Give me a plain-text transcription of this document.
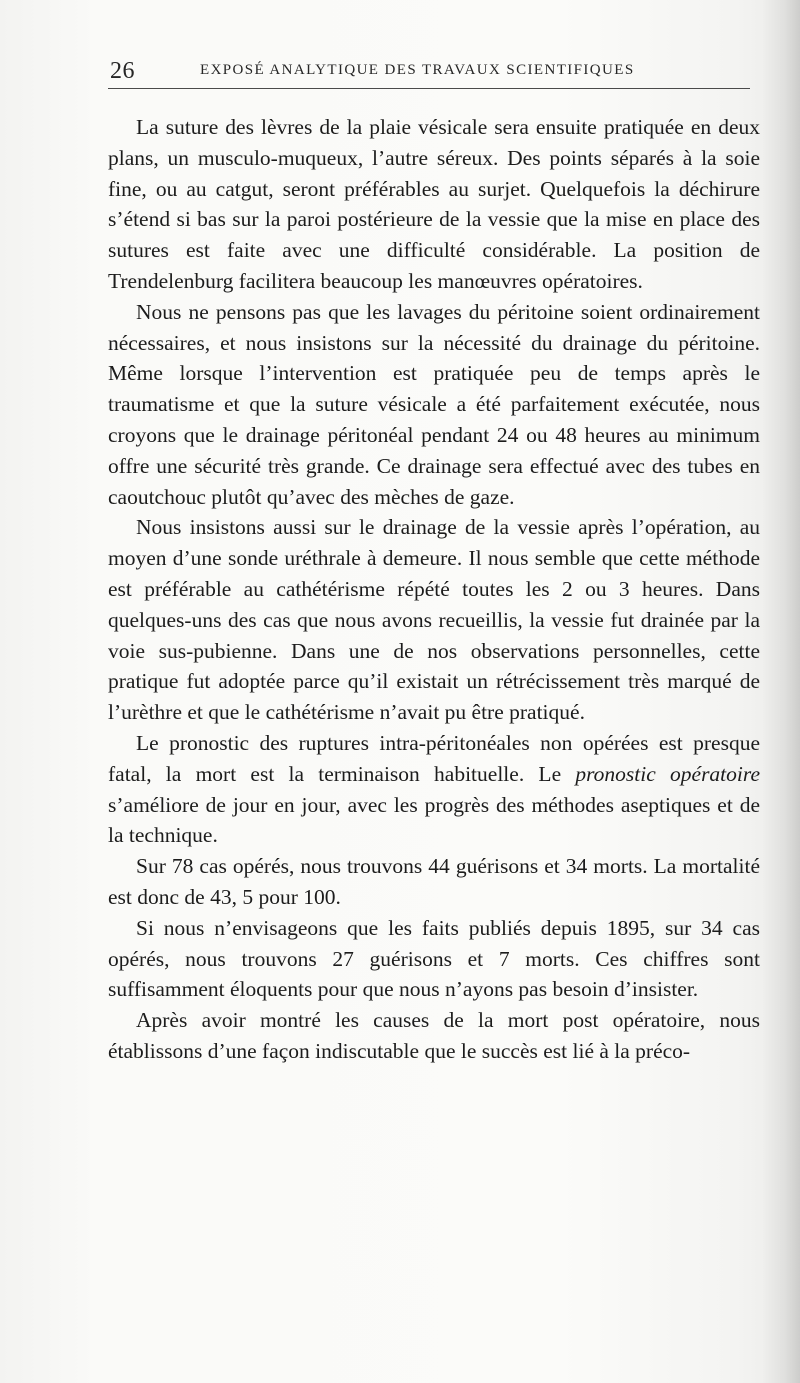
26	EXPOSÉ ANALYTIQUE DES TRAVAUX SCIENTIFIQUES

La suture des lèvres de la plaie vésicale sera ensuite pratiquée en deux plans, un musculo-muqueux, l’autre séreux. Des points séparés à la soie fine, ou au catgut, seront préférables au surjet. Quelquefois la déchirure s’étend si bas sur la paroi postérieure de la vessie que la mise en place des sutures est faite avec une difficulté considérable. La position de Trendelenburg facilitera beaucoup les manœuvres opératoires.

Nous ne pensons pas que les lavages du péritoine soient ordinairement nécessaires, et nous insistons sur la nécessité du drainage du péritoine. Même lorsque l’intervention est pratiquée peu de temps après le traumatisme et que la suture vésicale a été parfaitement exécutée, nous croyons que le drainage péritonéal pendant 24 ou 48 heures au minimum offre une sécurité très grande. Ce drainage sera effectué avec des tubes en caoutchouc plutôt qu’avec des mèches de gaze.

Nous insistons aussi sur le drainage de la vessie après l’opération, au moyen d’une sonde uréthrale à demeure. Il nous semble que cette méthode est préférable au cathétérisme répété toutes les 2 ou 3 heures. Dans quelques-uns des cas que nous avons recueillis, la vessie fut drainée par la voie sus-pubienne. Dans une de nos observations personnelles, cette pratique fut adoptée parce qu’il existait un rétrécissement très marqué de l’urèthre et que le cathétérisme n’avait pu être pratiqué.

Le pronostic des ruptures intra-péritonéales non opérées est presque fatal, la mort est la terminaison habituelle. Le pronostic opératoire s’améliore de jour en jour, avec les progrès des méthodes aseptiques et de la technique.

Sur 78 cas opérés, nous trouvons 44 guérisons et 34 morts. La mortalité est donc de 43, 5 pour 100.

Si nous n’envisageons que les faits publiés depuis 1895, sur 34 cas opérés, nous trouvons 27 guérisons et 7 morts. Ces chiffres sont suffisamment éloquents pour que nous n’ayons pas besoin d’insister.

Après avoir montré les causes de la mort post opératoire, nous établissons d’une façon indiscutable que le succès est lié à la préco-
